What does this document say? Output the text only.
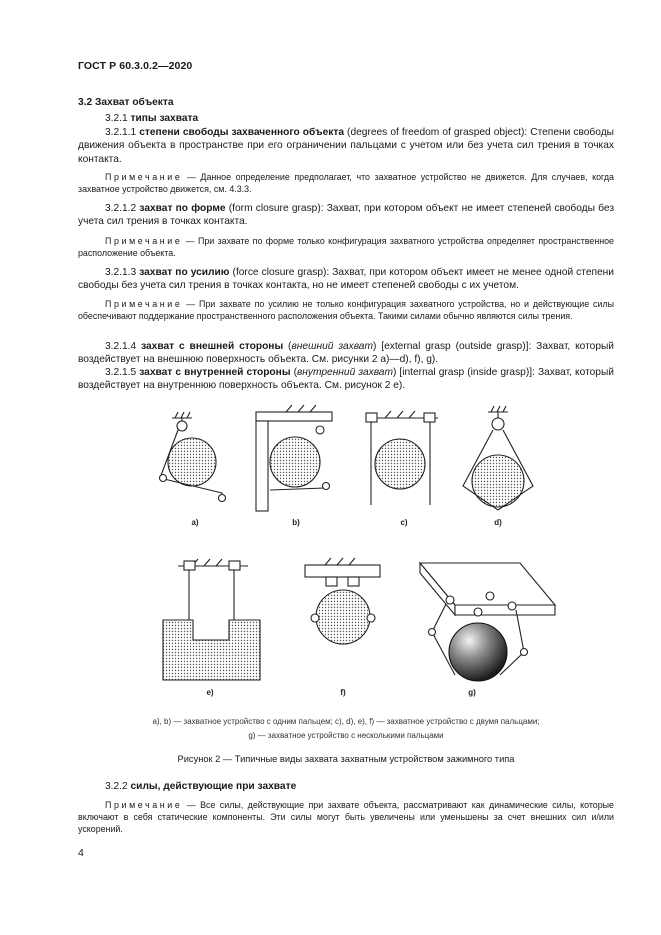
ГОСТ Р 60.3.0.2—2020
3.2 Захват объекта
3.2.1 типы захвата
3.2.1.1 степени свободы захваченного объекта (degrees of freedom of grasped object): Степени свободы движения объекта в пространстве при его ограничении пальцами с учетом или без учета сил трения в точках контакта.
Примечание — Данное определение предполагает, что захватное устройство не движется. Для случаев, когда захватное устройство движется, см. 4.3.3.
3.2.1.2 захват по форме (form closure grasp): Захват, при котором объект не имеет степеней свободы без учета сил трения в точках контакта.
Примечание — При захвате по форме только конфигурация захватного устройства определяет пространственное расположение объекта.
3.2.1.3 захват по усилию (force closure grasp): Захват, при котором объект имеет не менее одной степени свободы без учета сил трения в точках контакта, но не имеет степеней свободы с их учетом.
Примечание — При захвате по усилию не только конфигурация захватного устройства, но и действующие силы обеспечивают поддержание пространственного расположения объекта. Такими силами обычно являются силы трения.
3.2.1.4 захват с внешней стороны (внешний захват) [external grasp (outside grasp)]: Захват, который воздействует на внешнюю поверхность объекта. См. рисунки 2 а)—d), f), g).
3.2.1.5 захват с внутренней стороны (внутренний захват) [internal grasp (inside grasp)]: Захват, который воздействует на внутреннюю поверхность объекта. См. рисунок 2 е).
a)	b)	c)	d)
e)	f)	g)
a), b) — захватное устройство с одним пальцем; c), d), e), f) — захватное устройство с двумя пальцами;
g) — захватное устройство с несколькими пальцами
Рисунок 2 — Типичные виды захвата захватным устройством зажимного типа
3.2.2 силы, действующие при захвате
Примечание — Все силы, действующие при захвате объекта, рассматривают как динамические силы, которые включают в себя статические компоненты. Эти силы могут быть увеличены или уменьшены за счет внешних сил и/или ускорений.
4
